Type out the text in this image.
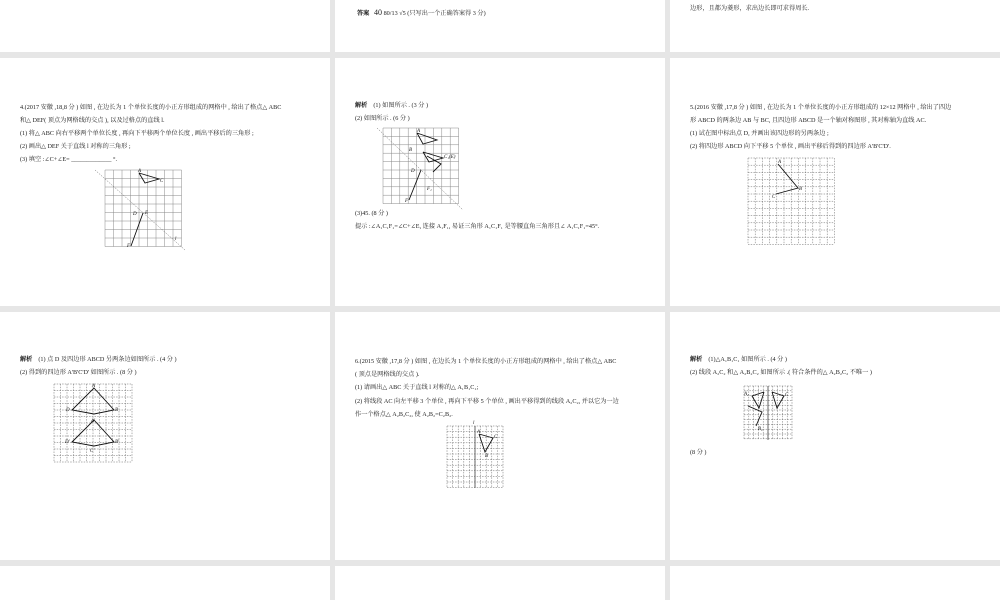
答案 40 80/13 √5 (只写出一个正确答案得 3 分)
边形，且都为菱形，求出边长即可求得周长.
4.(2017 安徽 ,18,8 分 ) 如图 , 在边长为 1 个单位长度的小正方形组成的网格中 , 给出了格点△ ABC
和△ DEF( 顶点为网格线的交点 ), 以及过格点的直线 l.
(1) 将△ ABC 向右平移两个单位长度 , 再向下平移两个单位长度 , 画出平移后的三角形 ;
(2) 画出△ DEF 关于直线 l 对称的三角形 ;
(3) 填空 :∠C+∠E= _____________ °.
A
C
D E
F
l
解析 (1) 如图所示 . (3 分 )
(2) 如图所示 . (6 分 )
A
B
C₁(E)
D
F
F₁
(3)45. (8 分 )
提示 :∠A₁C₁F₁=∠C+∠E, 连接 A₁F₁, 易证三角形 A₁C₁F₁ 是等腰直角三角形且∠ A₁C₁F₁=45°.
5.(2016 安徽 ,17,8 分 ) 如图 , 在边长为 1 个单位长度的小正方形组成的 12×12 网格中 , 给出了四边
形 ABCD 的两条边 AB 与 BC, 且四边形 ABCD 是一个轴对称图形 , 其对称轴为直线 AC.
(1) 试在图中标出点 D, 并画出该四边形的另两条边 ;
(2) 将四边形 ABCD 向下平移 5 个单位 , 画出平移后得到的四边形 A'B'C'D'.
A
B
C
解析 (1) 点 D 及四边形 ABCD 另两条边如图所示 . (4 分 )
(2) 得到的四边形 A'B'C'D' 如图所示 . (8 分 )
A
B
D
A'
B'
D'
C'
6.(2015 安徽 ,17,8 分 ) 如图 , 在边长为 1 个单位长度的小正方形组成的网格中 , 给出了格点△ ABC
( 顶点是网格线的交点 ).
(1) 请画出△ ABC 关于直线 l 对称的△ A₁B₁C₁;
(2) 将线段 AC 向左平移 3 个单位 , 再向下平移 5 个单位 , 画出平移得到的线段 A₂C₂, 并以它为一边
作一个格点△ A₂B₂C₂, 使 A₂B₂=C₂B₂.
A
C
B
l
解析 (1)△A₁B₁C₁ 如图所示 . (4 分 )
(2) 线段 A₂C₂ 和△ A₂B₂C₂ 如图所示 .( 符合条件的△ A₂B₂C₂ 不唯一 )
A₁	C
B₂
(8 分 )
